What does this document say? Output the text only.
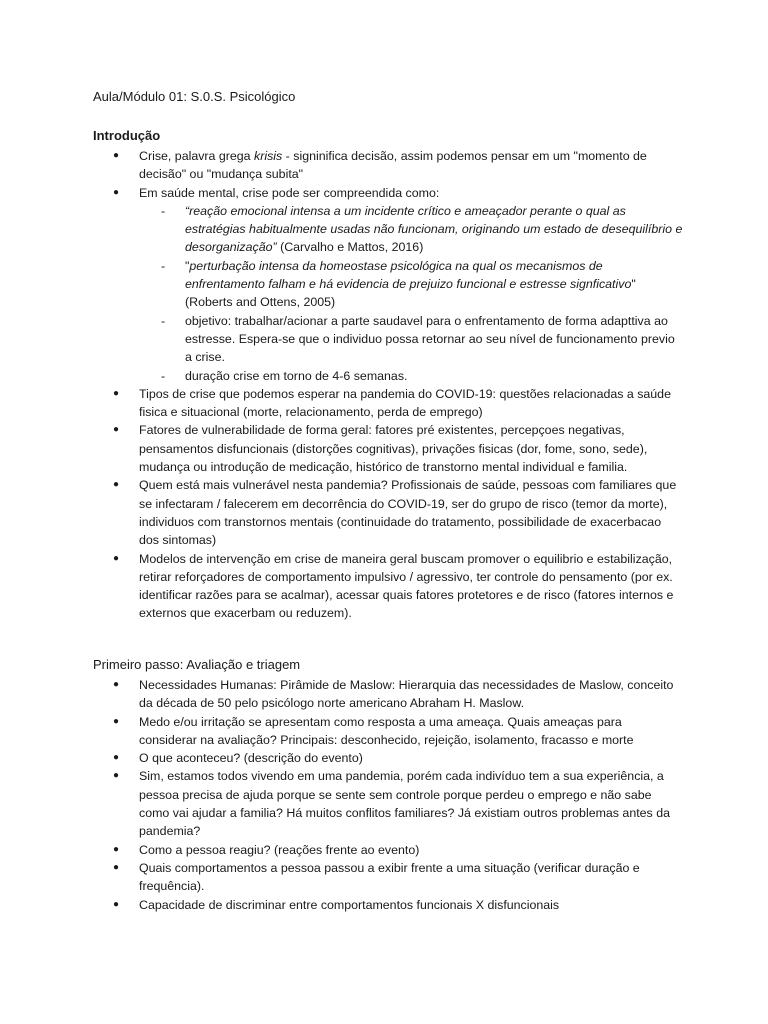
Aula/Módulo 01: S.0.S. Psicológico
Introdução
● Crise, palavra grega krisis - signinifica decisão, assim podemos pensar em um "momento de decisão" ou "mudança subita"
● Em saúde mental, crise pode ser compreendida como:
- “reação emocional intensa a um incidente crítico e ameaçador perante o qual as estratégias habitualmente usadas não funcionam, originando um estado de desequilíbrio e desorganização” (Carvalho e Mattos, 2016)
- "perturbação intensa da homeostase psicológica na qual os mecanismos de enfrentamento falham e há evidencia de prejuizo funcional e estresse signficativo" (Roberts and Ottens, 2005)
- objetivo: trabalhar/acionar a parte saudavel para o enfrentamento de forma adapttiva ao estresse. Espera-se que o individuo possa retornar ao seu nível de funcionamento previo a crise.
- duração crise em torno de 4-6 semanas.
● Tipos de crise que podemos esperar na pandemia do COVID-19: questões relacionadas a saúde fisica e situacional (morte, relacionamento, perda de emprego)
● Fatores de vulnerabilidade de forma geral: fatores pré existentes, percepçoes negativas, pensamentos disfuncionais (distorções cognitivas), privações fisicas (dor, fome, sono, sede), mudança ou introdução de medicação, histórico de transtorno mental individual e familia.
● Quem está mais vulnerável nesta pandemia? Profissionais de saúde, pessoas com familiares que se infectaram / falecerem em decorrência do COVID-19, ser do grupo de risco (temor da morte), individuos com transtornos mentais (continuidade do tratamento, possibilidade de exacerbacao dos sintomas)
● Modelos de intervenção em crise de maneira geral buscam promover o equilibrio e estabilização, retirar reforçadores de comportamento impulsivo / agressivo, ter controle do pensamento (por ex. identificar razões para se acalmar), acessar quais fatores protetores e de risco (fatores internos e externos que exacerbam ou reduzem).
Primeiro passo: Avaliação e triagem
● Necessidades Humanas: Pirâmide de Maslow: Hierarquia das necessidades de Maslow, conceito da década de 50 pelo psicólogo norte americano Abraham H. Maslow.
● Medo e/ou irritação se apresentam como resposta a uma ameaça. Quais ameaças para considerar na avaliação? Principais: desconhecido, rejeição, isolamento, fracasso e morte
● O que aconteceu? (descrição do evento)
● Sim, estamos todos vivendo em uma pandemia, porém cada indivíduo tem a sua experiência, a pessoa precisa de ajuda porque se sente sem controle porque perdeu o emprego e não sabe como vai ajudar a familia? Há muitos conflitos familiares? Já existiam outros problemas antes da pandemia?
● Como a pessoa reagiu? (reações frente ao evento)
● Quais comportamentos a pessoa passou a exibir frente a uma situação (verificar duração e frequência).
● Capacidade de discriminar entre comportamentos funcionais X disfuncionais
